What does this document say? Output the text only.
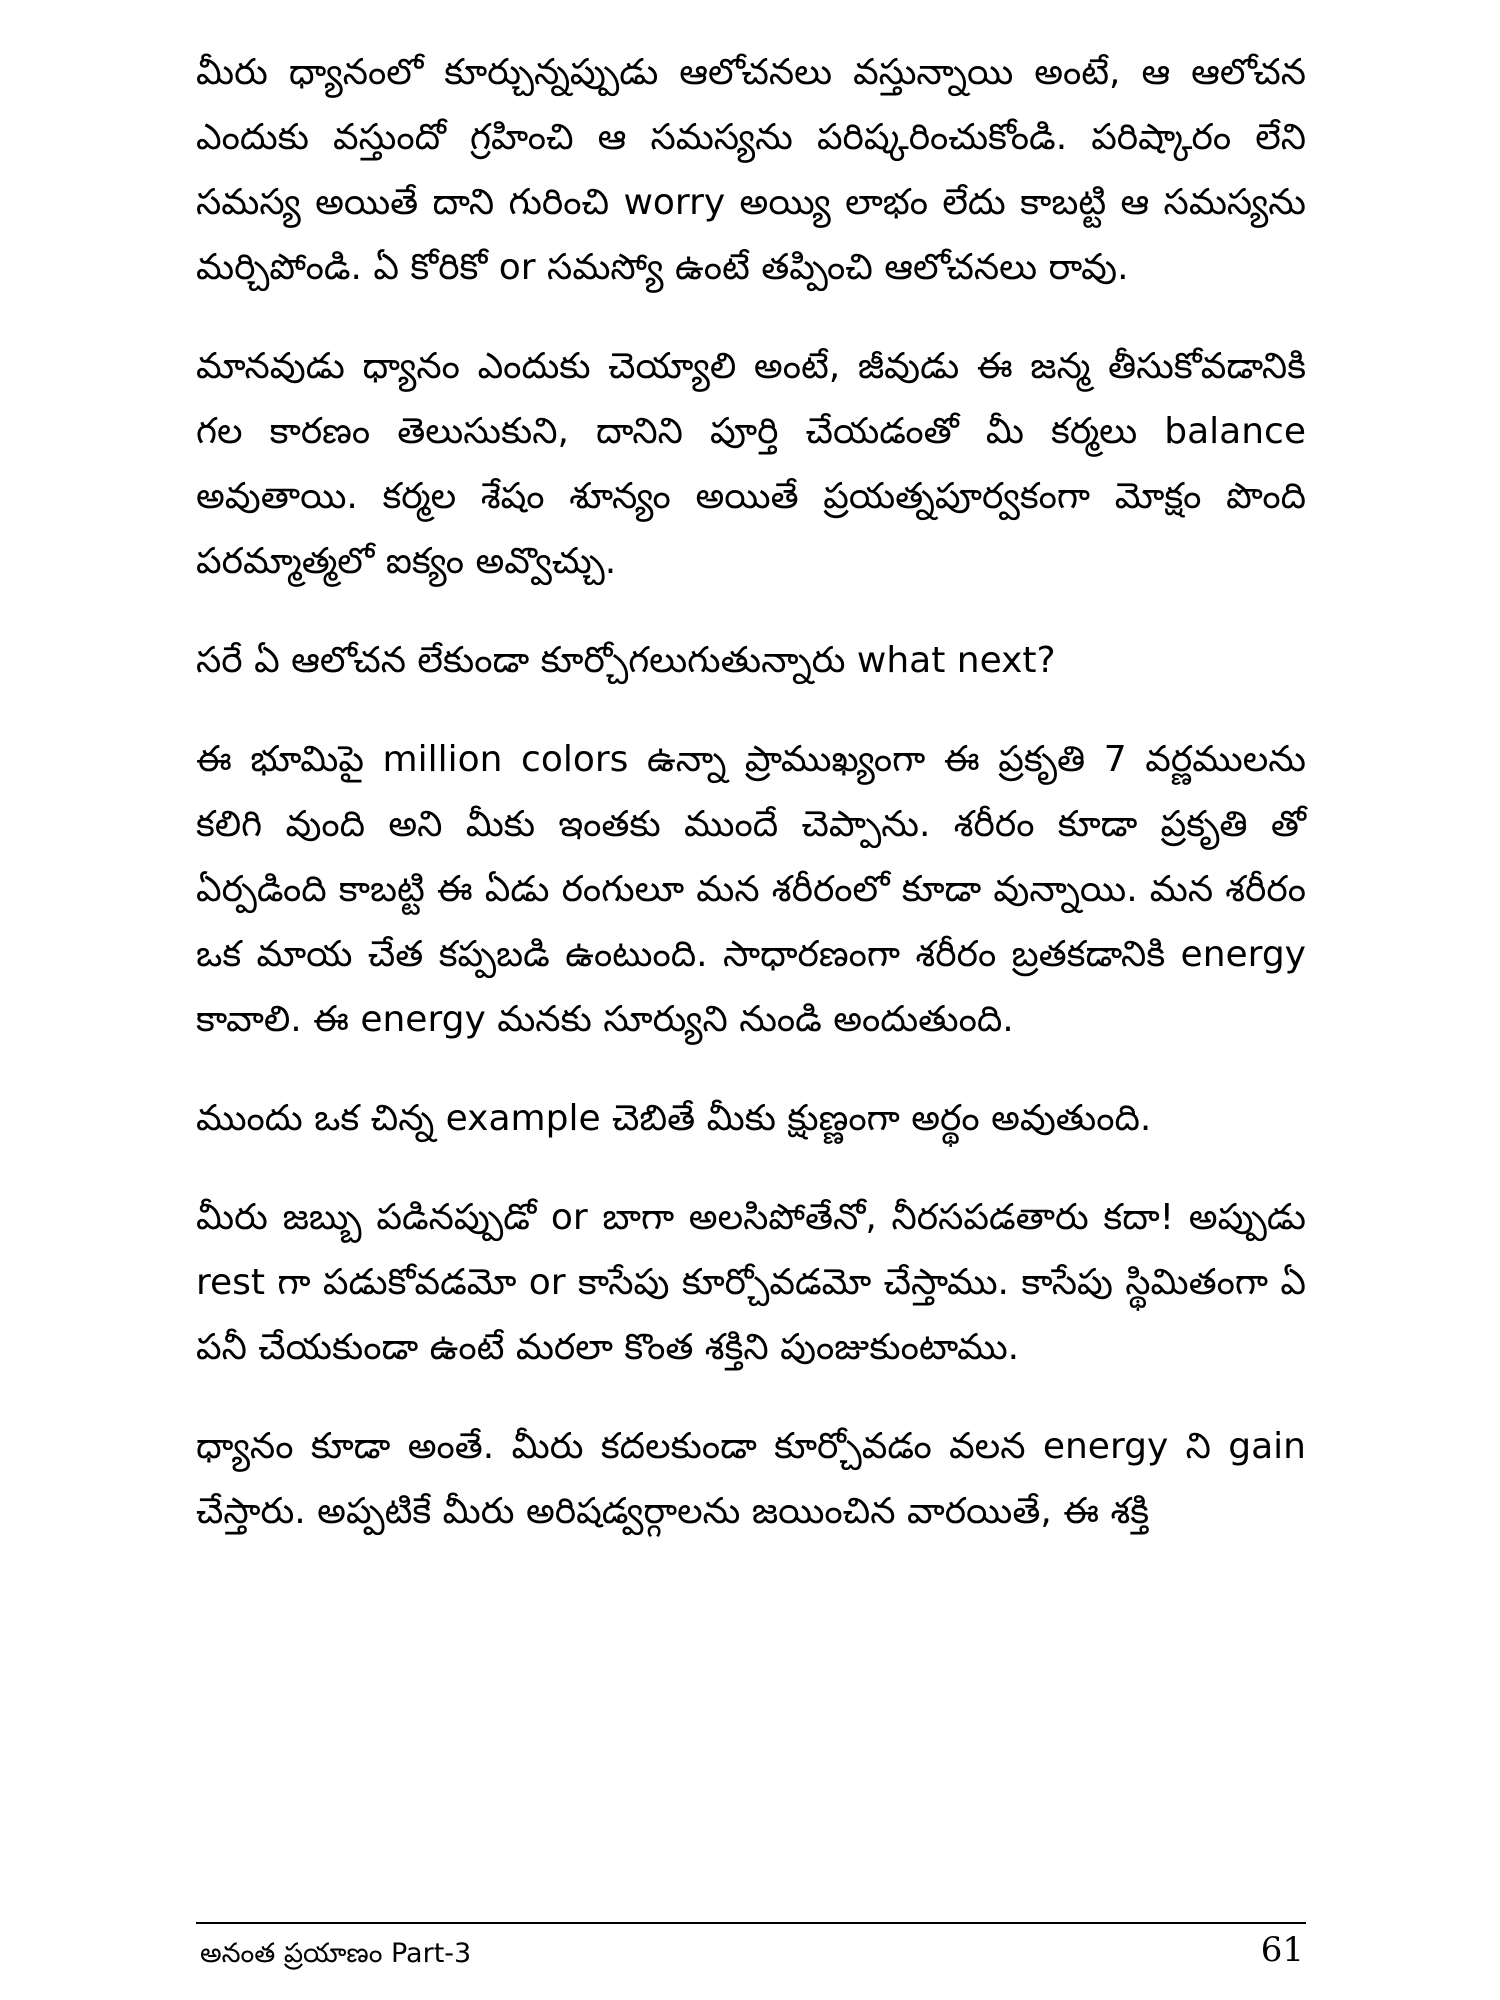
మీరు ధ్యానంలో కూర్చున్నప్పుడు ఆలోచనలు వస్తున్నాయి అంటే, ఆ ఆలోచన ఎందుకు వస్తుందో గ్రహించి ఆ సమస్యను పరిష్కరించుకోండి. పరిష్కారం లేని సమస్య అయితే దాని గురించి worry అయ్యి లాభం లేదు కాబట్టి ఆ సమస్యను మర్చిపోండి. ఏ కోరికో or సమస్యో ఉంటే తప్పించి ఆలోచనలు రావు.

మానవుడు ధ్యానం ఎందుకు చెయ్యాలి అంటే, జీవుడు ఈ జన్మ తీసుకోవడానికి గల కారణం తెలుసుకుని, దానిని పూర్తి చేయడంతో మీ కర్మలు balance అవుతాయి. కర్మల శేషం శూన్యం అయితే ప్రయత్నపూర్వకంగా మోక్షం పొంది పరమ్మాత్మలో ఐక్యం అవ్వొచ్చు.

సరే ఏ ఆలోచన లేకుండా కూర్చోగలుగుతున్నారు what next?

ఈ భూమిపై million colors ఉన్నా ప్రాముఖ్యంగా ఈ ప్రకృతి 7 వర్ణములను కలిగి వుంది అని మీకు ఇంతకు ముందే చెప్పాను. శరీరం కూడా ప్రకృతి తో ఏర్పడింది కాబట్టి ఈ ఏడు రంగులూ మన శరీరంలో కూడా వున్నాయి. మన శరీరం ఒక మాయ చేత కప్పబడి ఉంటుంది. సాధారణంగా శరీరం బ్రతకడానికి energy కావాలి. ఈ energy మనకు సూర్యుని నుండి అందుతుంది.

ముందు ఒక చిన్న example చెబితే మీకు క్షుణ్ణంగా అర్థం అవుతుంది.

మీరు జబ్బు పడినప్పుడో or బాగా అలసిపోతేనో, నీరసపడతారు కదా! అప్పుడు rest గా పడుకోవడమో or కాసేపు కూర్చోవడమో చేస్తాము. కాసేపు స్థిమితంగా ఏ పనీ చేయకుండా ఉంటే మరలా కొంత శక్తిని పుంజుకుంటాము.

ధ్యానం కూడా అంతే. మీరు కదలకుండా కూర్చోవడం వలన energy ని gain చేస్తారు. అప్పటికే మీరు అరిషడ్వర్గాలను జయించిన వారయితే, ఈ శక్తి

అనంత ప్రయాణం Part-3	61
